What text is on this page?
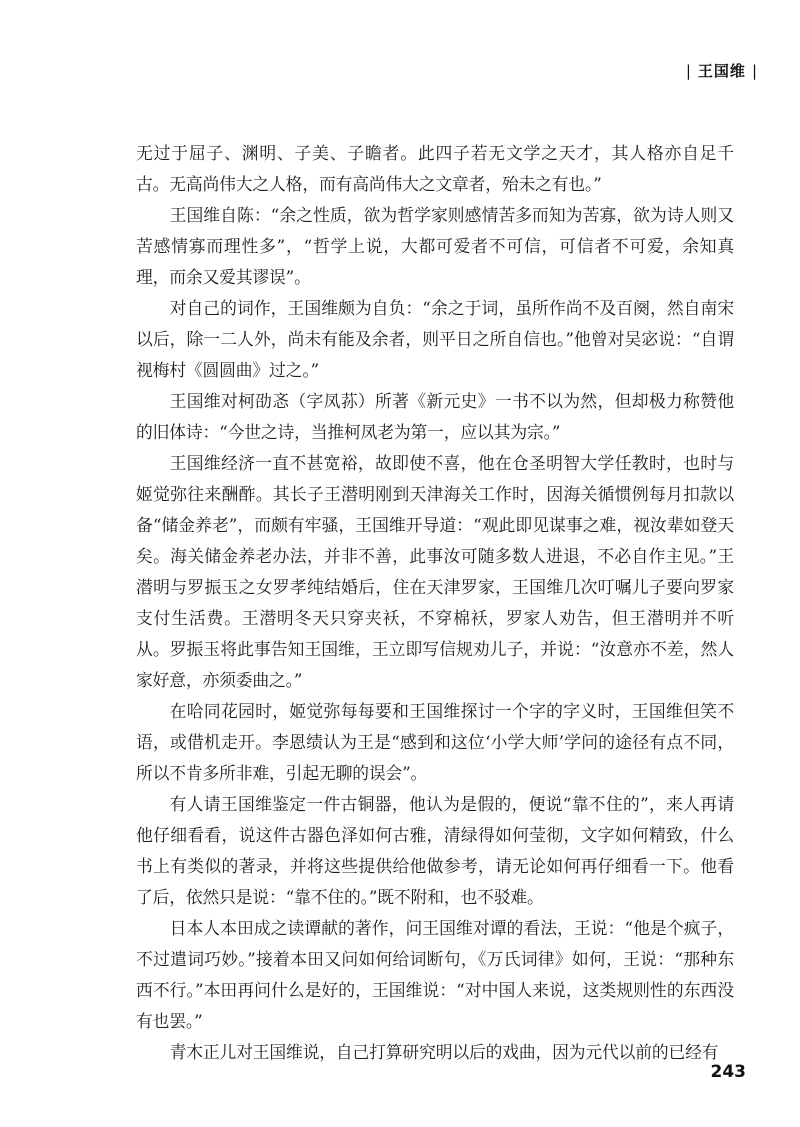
| 王国维 |

无过于屈子、渊明、子美、子瞻者。此四子若无文学之天才，其人格亦自足千古。无高尚伟大之人格，而有高尚伟大之文章者，殆未之有也。”

王国维自陈：“余之性质，欲为哲学家则感情苦多而知为苦寡，欲为诗人则又苦感情寡而理性多”，“哲学上说，大都可爱者不可信，可信者不可爱，余知真理，而余又爱其谬误”。

对自己的词作，王国维颇为自负：“余之于词，虽所作尚不及百阕，然自南宋以后，除一二人外，尚未有能及余者，则平日之所自信也。”他曾对吴宓说：“自谓视梅村《圆圆曲》过之。”

王国维对柯劭忞（字凤荪）所著《新元史》一书不以为然，但却极力称赞他的旧体诗：“今世之诗，当推柯凤老为第一，应以其为宗。”

王国维经济一直不甚宽裕，故即使不喜，他在仓圣明智大学任教时，也时与姬觉弥往来酬酢。其长子王潜明刚到天津海关工作时，因海关循惯例每月扣款以备“储金养老”，而颇有牢骚，王国维开导道：“观此即见谋事之难，视汝辈如登天矣。海关储金养老办法，并非不善，此事汝可随多数人进退，不必自作主见。”王潜明与罗振玉之女罗孝纯结婚后，住在天津罗家，王国维几次叮嘱儿子要向罗家支付生活费。王潜明冬天只穿夹袄，不穿棉袄，罗家人劝告，但王潜明并不听从。罗振玉将此事告知王国维，王立即写信规劝儿子，并说：“汝意亦不差，然人家好意，亦须委曲之。”

在哈同花园时，姬觉弥每每要和王国维探讨一个字的字义时，王国维但笑不语，或借机走开。李恩绩认为王是“感到和这位‘小学大师’学问的途径有点不同，所以不肯多所非难，引起无聊的误会”。

有人请王国维鉴定一件古铜器，他认为是假的，便说“靠不住的”，来人再请他仔细看看，说这件古器色泽如何古雅，清绿得如何莹彻，文字如何精致，什么书上有类似的著录，并将这些提供给他做参考，请无论如何再仔细看一下。他看了后，依然只是说：“靠不住的。”既不附和，也不驳难。

日本人本田成之读谭献的著作，问王国维对谭的看法，王说：“他是个疯子，不过遣词巧妙。”接着本田又问如何给词断句，《万氏词律》如何，王说：“那种东西不行。”本田再问什么是好的，王国维说：“对中国人来说，这类规则性的东西没有也罢。”

青木正儿对王国维说，自己打算研究明以后的戏曲，因为元代以前的已经有

243
